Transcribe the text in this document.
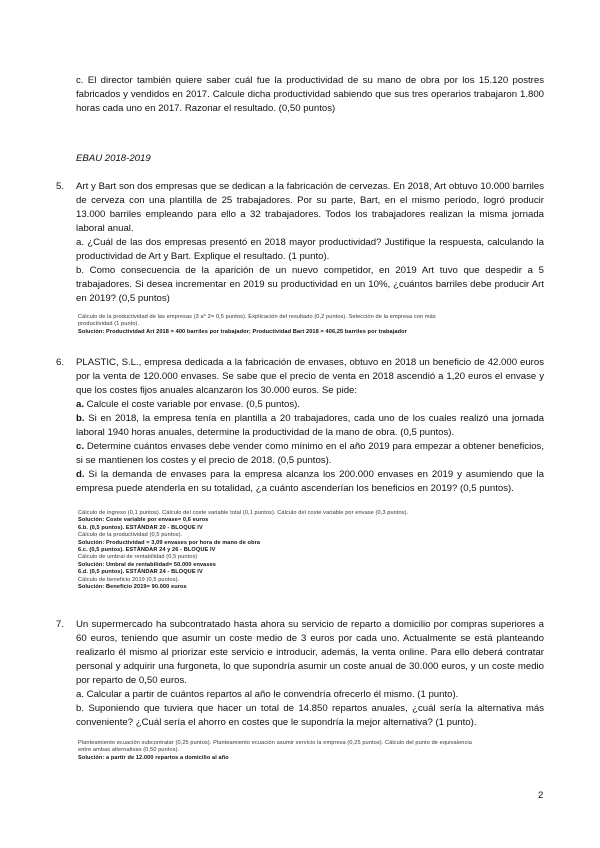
c. El director también quiere saber cuál fue la productividad de su mano de obra por los 15.120 postres fabricados y vendidos en 2017. Calcule dicha productividad sabiendo que sus tres operarios trabajaron 1.800 horas cada uno en 2017. Razonar el resultado. (0,50 puntos)
EBAU 2018-2019
5. Art y Bart son dos empresas que se dedican a la fabricación de cervezas. En 2018, Art obtuvo 10.000 barriles de cerveza con una plantilla de 25 trabajadores. Por su parte, Bart, en el mismo periodo, logró producir 13.000 barriles empleando para ello a 32 trabajadores. Todos los trabajadores realizan la misma jornada laboral anual.
a. ¿Cuál de las dos empresas presentó en 2018 mayor productividad? Justifique la respuesta, calculando la productividad de Art y Bart. Explique el resultado. (1 punto).
b. Como consecuencia de la aparición de un nuevo competidor, en 2019 Art tuvo que despedir a 5 trabajadores. Si desea incrementar en 2019 su productividad en un 10%, ¿cuántos barriles debe producir Art en 2019? (0,5 puntos)
Cálculo de la productividad de las empresas (3 a* 2= 0,5 puntos). Explicación del resultado (0,2 puntos). Selección de la empresa con más
productividad (1 punto).
Solución: Productividad Art 2018 = 400 barriles por trabajador; Productividad Bart 2018 = 406,25 barriles por trabajador
6. PLASTIC, S.L., empresa dedicada a la fabricación de envases, obtuvo en 2018 un beneficio de 42.000 euros por la venta de 120.000 envases. Se sabe que el precio de venta en 2018 ascendió a 1,20 euros el envase y que los costes fijos anuales alcanzaron los 30.000 euros. Se pide:
a. Calcule el coste variable por envase. (0,5 puntos).
b. Si en 2018, la empresa tenía en plantilla a 20 trabajadores, cada uno de los cuales realizó una jornada laboral 1940 horas anuales, determine la productividad de la mano de obra. (0,5 puntos).
c. Determine cuántos envases debe vender como mínimo en el año 2019 para empezar a obtener beneficios, si se mantienen los costes y el precio de 2018. (0,5 puntos).
d. Si la demanda de envases para la empresa alcanza los 200.000 envases en 2019 y asumiendo que la empresa puede atenderla en su totalidad, ¿a cuánto ascenderían los beneficios en 2019? (0,5 puntos).
Cálculo de ingreso (0,1 puntos). Cálculo del coste variable total (0,1 puntos). Cálculo del coste variable por envase (0,3 puntos).
Solución: Coste variable por envase= 0,6 euros
6.b. (0,5 puntos). ESTÁNDAR 20 - BLOQUE IV
Cálculo de la productividad (0,5 puntos).
Solución: Productividad = 3,09 envases por hora de mano de obra
6.c. (0,5 puntos). ESTÁNDAR 24 y 26 - BLOQUE IV
Cálculo de umbral de rentabilidad (0,5 puntos)
Solución: Umbral de rentabilidad= 50.000 envases
6.d. (0,5 puntos). ESTÁNDAR 24 - BLOQUE IV
Cálculo de beneficio 2019 (0,5 puntos).
Solución: Beneficio 2019= 90.000 euros
7. Un supermercado ha subcontratado hasta ahora su servicio de reparto a domicilio por compras superiores a 60 euros, teniendo que asumir un coste medio de 3 euros por cada uno. Actualmente se está planteando realizarlo él mismo al priorizar este servicio e introducir, además, la venta online. Para ello deberá contratar personal y adquirir una furgoneta, lo que supondría asumir un coste anual de 30.000 euros, y un coste medio por reparto de 0,50 euros.
a. Calcular a partir de cuántos repartos al año le convendría ofrecerlo él mismo. (1 punto).
b. Suponiendo que tuviera que hacer un total de 14.850 repartos anuales, ¿cuál sería la alternativa más conveniente? ¿Cuál sería el ahorro en costes que le supondría la mejor alternativa? (1 punto).
Planteamiento ecuación subcontratar (0,25 puntos). Planteamiento ecuación asumir servicio la empresa (0,25 puntos). Cálculo del punto de equivalencia
entre ambas alternativas (0,50 puntos).
Solución: a partir de 12.000 repartos a domicilio al año
2
